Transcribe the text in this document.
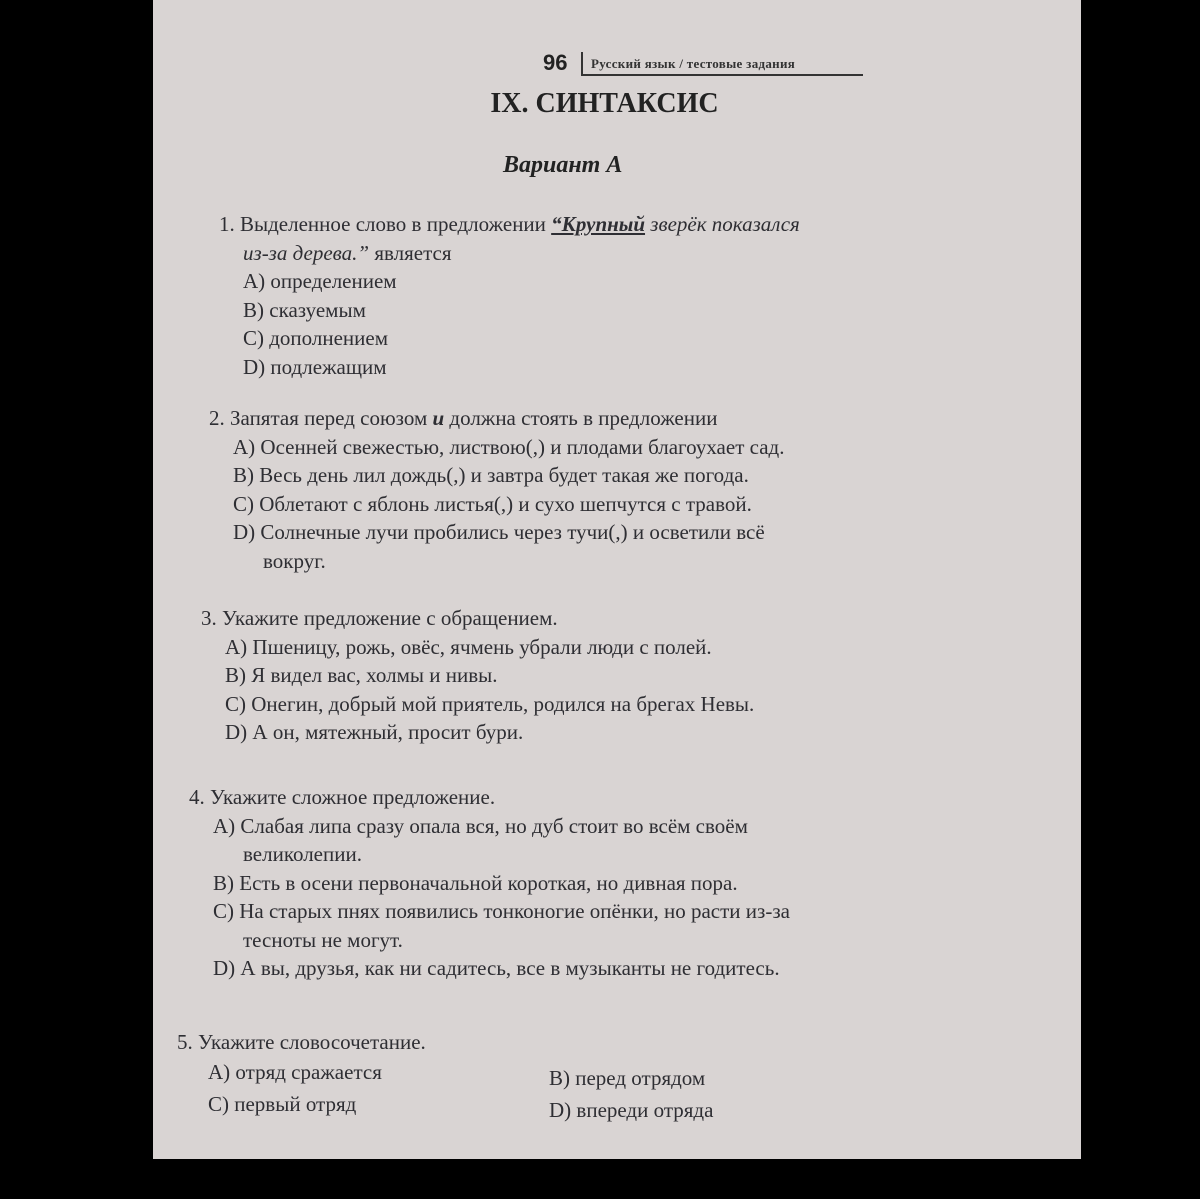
96 Русский язык / тестовые задания
IX. СИНТАКСИС
Вариант А
1. Выделенное слово в предложении “Крупный зверёк показался
из-за дерева.” является
А) определением
В) сказуемым
С) дополнением
D) подлежащим
2. Запятая перед союзом и должна стоять в предложении
А) Осенней свежестью, листвою(,) и плодами благоухает сад.
В) Весь день лил дождь(,) и завтра будет такая же погода.
С) Облетают с яблонь листья(,) и сухо шепчутся с травой.
D) Солнечные лучи пробились через тучи(,) и осветили всё
вокруг.
3. Укажите предложение с обращением.
А) Пшеницу, рожь, овёс, ячмень убрали люди с полей.
В) Я видел вас, холмы и нивы.
С) Онегин, добрый мой приятель, родился на брегах Невы.
D) А он, мятежный, просит бури.
4. Укажите сложное предложение.
А) Слабая липа сразу опала вся, но дуб стоит во всём своём
великолепии.
В) Есть в осени первоначальной короткая, но дивная пора.
С) На старых пнях появились тонконогие опёнки, но расти из-за
тесноты не могут.
D) А вы, друзья, как ни садитесь, все в музыканты не годитесь.
5. Укажите словосочетание.
А) отряд сражается	В) перед отрядом
С) первый отряд	D) впереди отряда
